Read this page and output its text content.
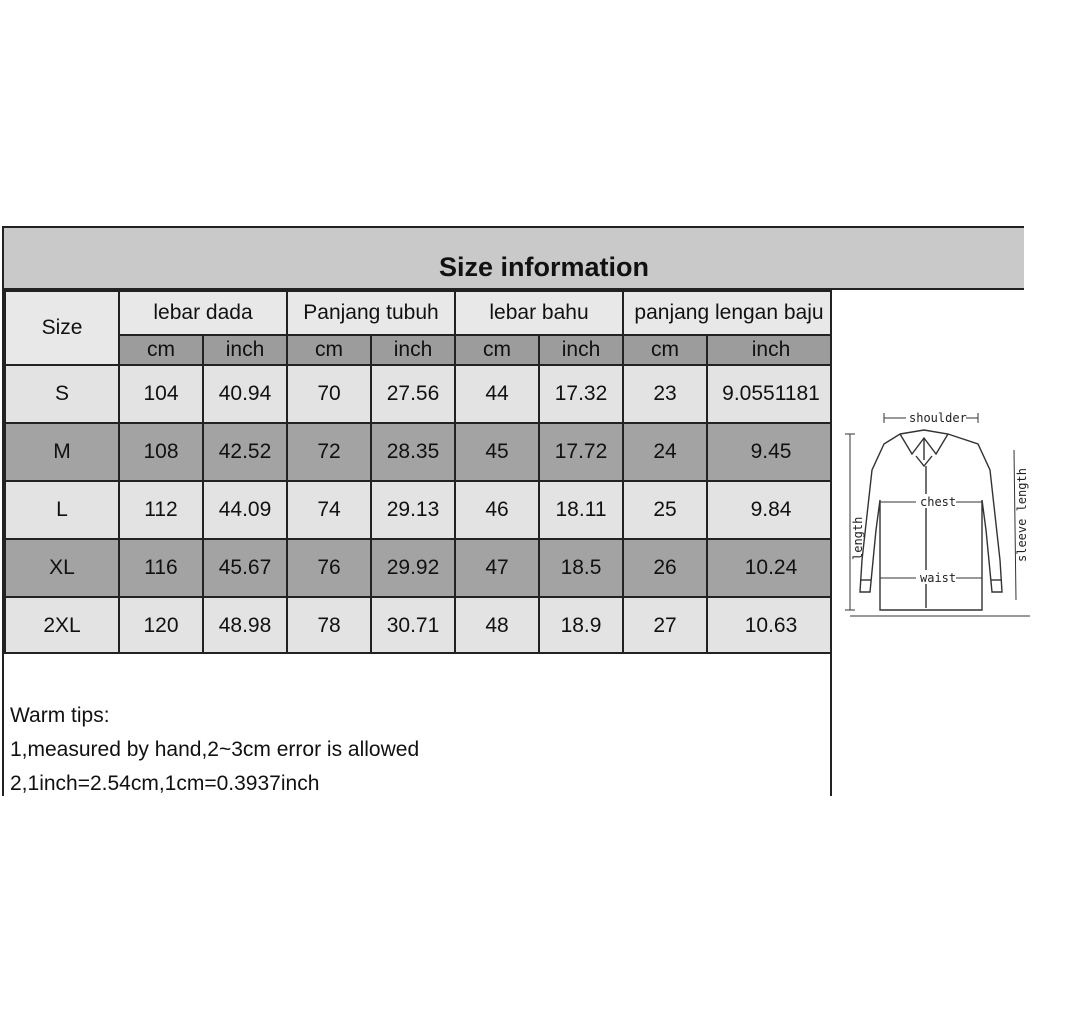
Size information
Size	lebar dada		Panjang tubuh		lebar bahu		panjang lengan baju	
	cm	inch	cm	inch	cm	inch	cm	inch
S	104	40.94	70	27.56	44	17.32	23	9.0551181
M	108	42.52	72	28.35	45	17.72	24	9.45
L	112	44.09	74	29.13	46	18.11	25	9.84
XL	116	45.67	76	29.92	47	18.5	26	10.24
2XL	120	48.98	78	30.71	48	18.9	27	10.63
Warm tips:
1,measured by hand,2~3cm error is allowed
2,1inch=2.54cm,1cm=0.3937inch
shoulder
chest
waist
length	sleeve length
